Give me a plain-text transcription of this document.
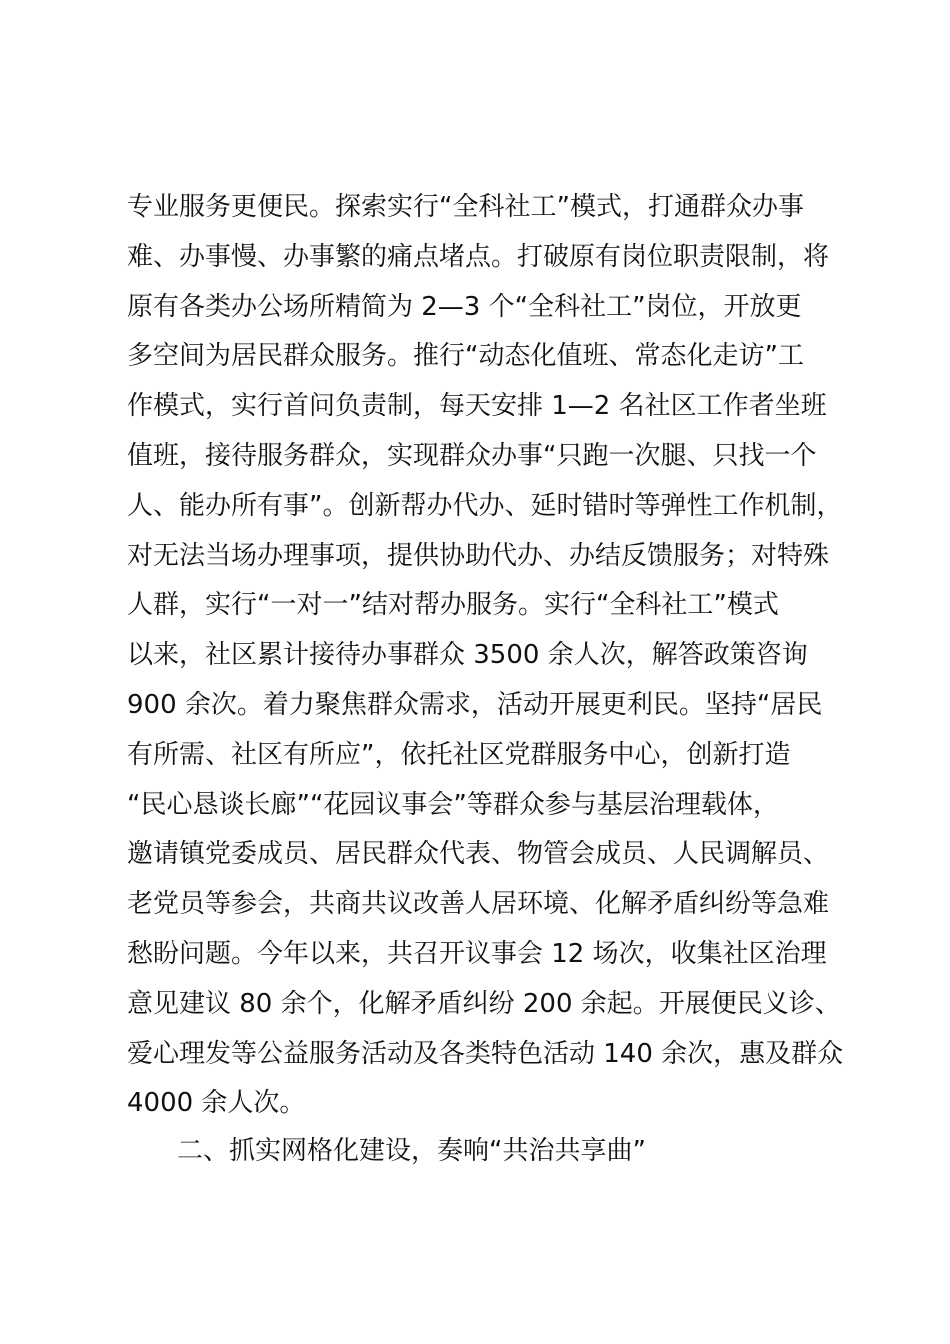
专业服务更便民。探索实行“全科社工”模式，打通群众办事
难、办事慢、办事繁的痛点堵点。打破原有岗位职责限制，将
原有各类办公场所精简为 2—3 个“全科社工”岗位，开放更
多空间为居民群众服务。推行“动态化值班、常态化走访”工
作模式，实行首问负责制，每天安排 1—2 名社区工作者坐班
值班，接待服务群众，实现群众办事“只跑一次腿、只找一个
人、能办所有事”。创新帮办代办、延时错时等弹性工作机制，
对无法当场办理事项，提供协助代办、办结反馈服务；对特殊
人群，实行“一对一”结对帮办服务。实行“全科社工”模式
以来，社区累计接待办事群众 3500 余人次，解答政策咨询
900 余次。着力聚焦群众需求，活动开展更利民。坚持“居民
有所需、社区有所应”，依托社区党群服务中心，创新打造
“民心恳谈长廊”“花园议事会”等群众参与基层治理载体，
邀请镇党委成员、居民群众代表、物管会成员、人民调解员、
老党员等参会，共商共议改善人居环境、化解矛盾纠纷等急难
愁盼问题。今年以来，共召开议事会 12 场次，收集社区治理
意见建议 80 余个，化解矛盾纠纷 200 余起。开展便民义诊、
爱心理发等公益服务活动及各类特色活动 140 余次，惠及群众
4000 余人次。
二、抓实网格化建设，奏响“共治共享曲”
